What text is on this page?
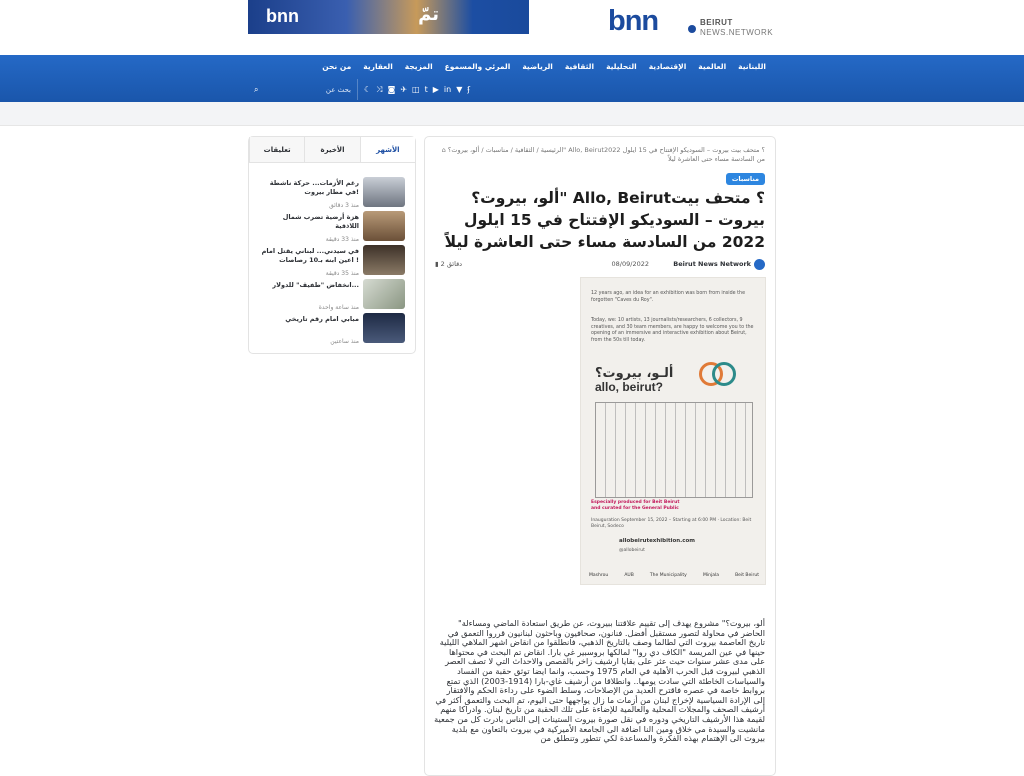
bnn	تمّ	bnn	BEIRUT
NEWS.NETWORK
اللبنانية
العالمية
الإقتصادية
التحليلية
الثقافية
الرياضية
المرئي والمسموع
المزيجة
العقارية
من نحن
⌕	بحث عن ☾ ⤨ ◙ ✈ ◫ t ▶ in ▼ ʄ
الأشهر
الأخيرة
تعليقات
رغم الأزمات... حركة ناشطة في مطار بيروت!
منذ 3 دقائق
هزة أرضية تضرب شمال اللاذقية
منذ 33 دقيقة
في سيدني... لبناني يقتل امام اعين ابنه بـ10 رصاصات !
منذ 35 دقيقة
انخفاض "طفيف" للدولار...
منذ ساعة واحدة
مبابي امام رقم تاريخي
منذ ساعتين
⌂ الرئيسية / الثقافية / مناسبات / ألو، بيروت؟" Allo, Beirut؟ متحف بيت بيروت – السوديكو الإفتتاح في 15 ايلول 2022 من السادسة مساء حتى العاشرة ليلاً
مناسبات
ألو، بيروت؟" Allo, Beirut؟ متحف بيت بيروت – السوديكو الإفتتاح في 15 ايلول 2022 من السادسة مساء حتى العاشرة ليلاً
Beirut News Network
08/09/2022
▮ 2 دقائق
12 years ago, an idea for an exhibition was born from inside the forgotten "Caves du Roy".
Today, we: 10 artists, 13 journalists/researchers, 6 collectors, 9 creatives, and 30 team members, are happy to welcome you to the opening of an immersive and interactive exhibition about Beirut, from the 50s till today.
ألـو، بيروت؟
allo, beirut?
Especially produced for Beit Beirut and curated for the General Public
Inauguration September 15, 2022 – Starting at 6:00 PM · Location: Beit Beirut, Sodeco
allobeirutexhibition.com
@allobeirut
Mashrou	AUB	The Municipality	Minjala	Beit Beirut

"ألو، بيروت؟" مشروع يهدف إلى تقييم علاقتنا ببيروت، عن طريق استعادة الماضي ومساءلة الحاضر في محاولة لتصور مستقبل أفضل. فنانون، صحافيون وباحثون لبنانيون قرروا التعمق في تاريخ العاصمة بيروت التي لطالما وصف بالتاريخ الذهبي، فانطلقوا من انقاض اشهر الملاهي الليلية حينها في عين المريسة "الكاف دي روا" لمالكها بروسبير غي بارا. انقاض تم البحث في محتواها على مدى عشر سنوات حيث عثر على بقايا ارشيف زاخر بالقصص والاحداث التي لا تصف العصر الذهبي لبيروت قبل الحرب الأهلية في العام 1975 وحسب، وانما ايضا توثق حقبة من الفساد والسياسات الخاطئة التي سادت يومها.. وانطلاقا من أرشيف غاي-بارا (1914-2003) الذي تمتع بروابط خاصة في عصره فاقترح العديد من الإصلاحات، وسلط الضوء على رداءة الحكم والافتقار إلى الإرادة السياسية لإخراج لبنان من أزمات ما زال يواجهها حتى اليوم، تم البحث والتعمق أكثر في أرشيف الصحف والمجلات المحلية والعالمية للإضاءة على تلك الحقبة من تاريخ لبنان. وادراكا منهم لقيمة هذا الأرشيف التاريخي ودوره في نقل صورة بيروت الستينات إلى الناس بادرت كل من جمعية مانشيت والسيدة مي خلاق ومين النا اضافة الى الجامعة الأميركية في بيروت بالتعاون مع بلدية بيروت الى الإهتمام بهذه الفكرة والمساعدة لكي تتطور وتنطلق من
